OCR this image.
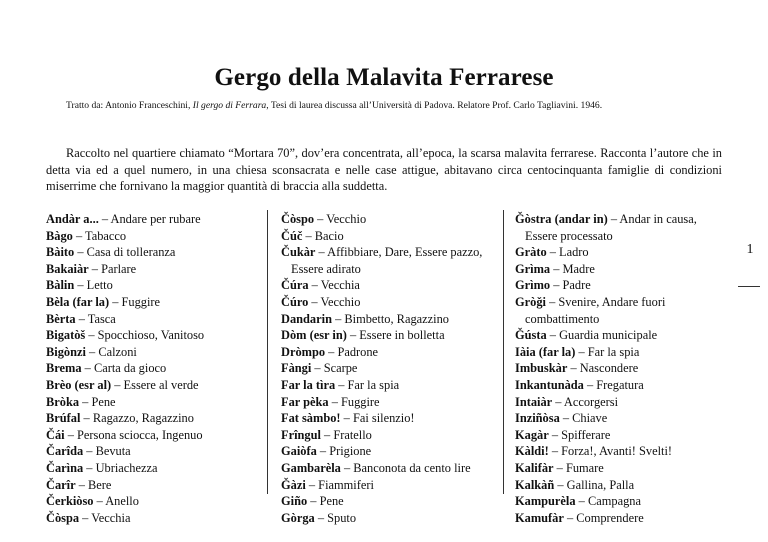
Gergo della Malavita Ferrarese
Tratto da: Antonio Franceschini, Il gergo di Ferrara, Tesi di laurea discussa all’Università di Padova. Relatore Prof. Carlo Tagliavini. 1946.

Raccolto nel quartiere chiamato “Mortara 70”, dov’era concentrata, all’epoca, la scarsa malavita ferrarese. Racconta l’autore che in detta via ed a quel numero, in una chiesa sconsacrata e nelle case attigue, abitavano circa centocinquanta famiglie di condizioni miserrime che fornivano la maggior quantità di braccia alla suddetta.

Andàr a... – Andare per rubare

Bàgo – Tabacco

Bàito – Casa di tolleranza

Bakaiàr – Parlare

Bàlin – Letto

Bèla (far la) – Fuggire

Bèrta – Tasca

Bigatòš – Spocchioso, Vanitoso

Bigònzi – Calzoni

Brema – Carta da gioco

Brèo (esr al) – Essere al verde

Bròka – Pene

Brúfal – Ragazzo, Ragazzino

Čái – Persona sciocca, Ingenuo

Čarîda – Bevuta

Čarìna – Ubriachezza

Čarîr – Bere

Čerkiòso – Anello

Čòspa – Vecchia

Čòspo – Vecchio

Čúč – Bacio

Čukàr – Affibbiare, Dare, Essere pazzo, Essere adirato

Čúra – Vecchia

Čúro – Vecchio

Dandarin – Bimbetto, Ragazzino

Dòm (esr in) – Essere in bolletta

Dròmpo – Padrone

Fàngi – Scarpe

Far la tìra – Far la spia

Far pèka – Fuggire

Fat sàmbo! – Fai silenzio!

Frîngul – Fratello

Gaiòfa – Prigione

Gambarèla – Banconota da cento lire

Ǧàzi – Fiammiferi

Giño – Pene

Gòrga – Sputo

Ǧòstra (andar in) – Andar in causa, Essere processato

Gràto – Ladro

Grìma – Madre

Grìmo – Padre

Gròǧi – Svenire, Andare fuori combattimento

Ǧústa – Guardia municipale

Iàia (far la) – Far la spia

Imbuskàr – Nascondere

Inkantunàda – Fregatura

Intaiàr – Accorgersi

Inziñòsa – Chiave

Kagàr – Spifferare

Kàldi! – Forza!, Avanti! Svelti!

Kalifàr – Fumare

Kalkàñ – Gallina, Palla

Kampurèla – Campagna

Kamufàr – Comprendere

1
